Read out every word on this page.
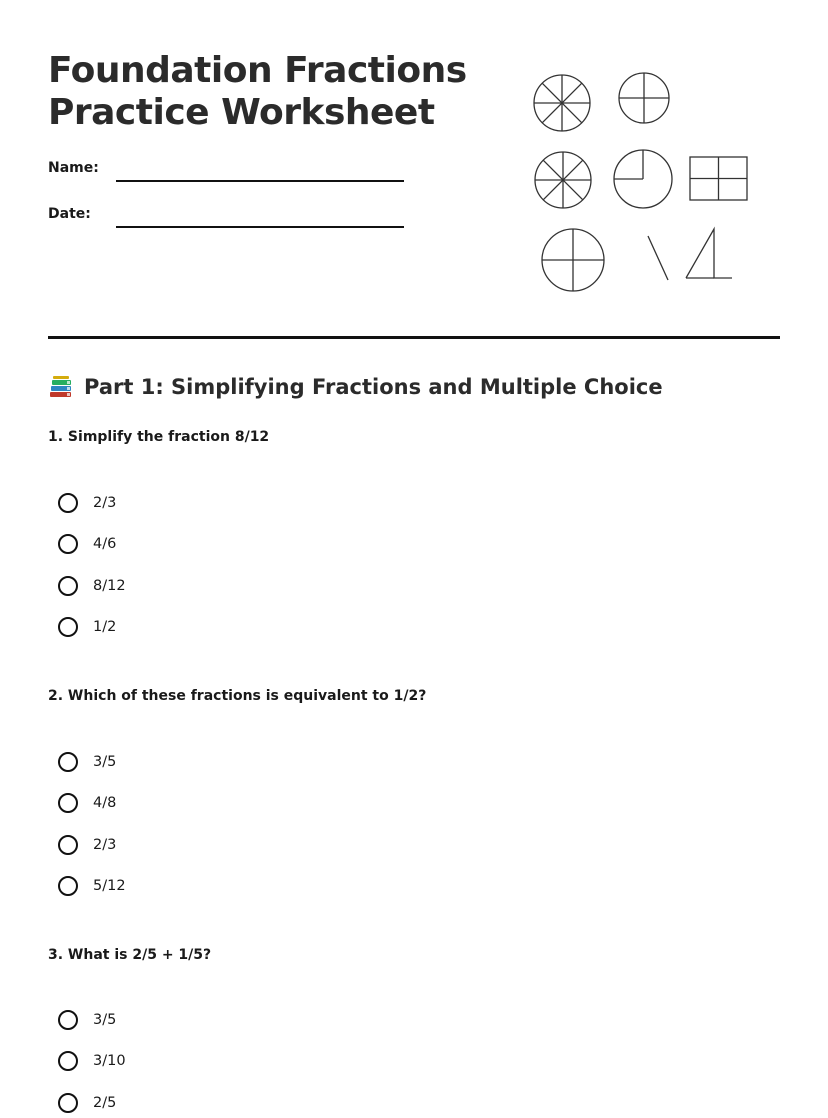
Foundation Fractions
Practice Worksheet
Name:
Date:
Part 1: Simplifying Fractions and Multiple Choice
1. Simplify the fraction 8/12
2/3
4/6
8/12
1/2
2. Which of these fractions is equivalent to 1/2?
3/5
4/8
2/3
5/12
3. What is 2/5 + 1/5?
3/5
3/10
2/5
